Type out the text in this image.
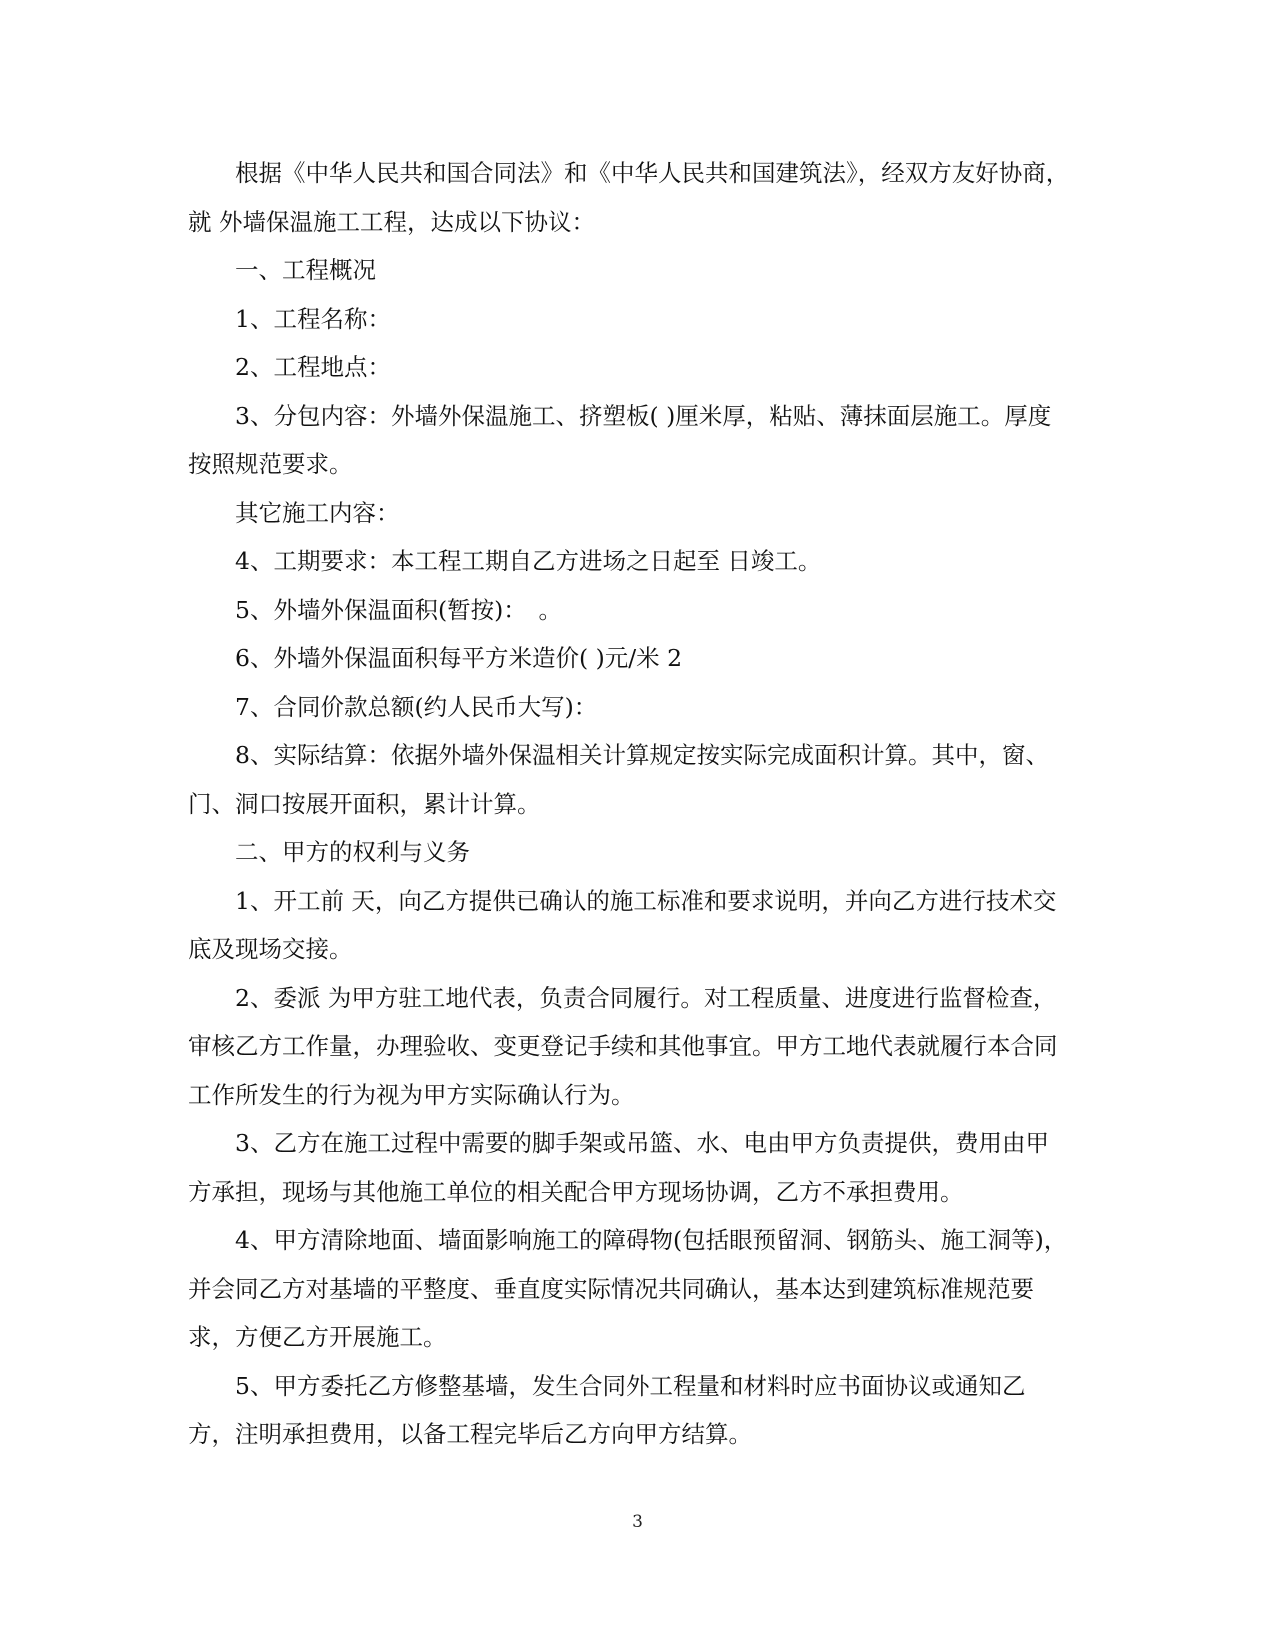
根据《中华人民共和国合同法》和《中华人民共和国建筑法》，经双方友好协商，就 外墙保温施工工程，达成以下协议：

一、工程概况

1、工程名称：

2、工程地点：

3、分包内容：外墙外保温施工、挤塑板( )厘米厚，粘贴、薄抹面层施工。厚度按照规范要求。

其它施工内容：

4、工期要求：本工程工期自乙方进场之日起至 日竣工。

5、外墙外保温面积(暂按)：　。

6、外墙外保温面积每平方米造价( )元/米 2

7、合同价款总额(约人民币大写)：

8、实际结算：依据外墙外保温相关计算规定按实际完成面积计算。其中，窗、门、洞口按展开面积，累计计算。

二、甲方的权利与义务

1、开工前 天，向乙方提供已确认的施工标准和要求说明，并向乙方进行技术交底及现场交接。

2、委派 为甲方驻工地代表，负责合同履行。对工程质量、进度进行监督检查，审核乙方工作量，办理验收、变更登记手续和其他事宜。甲方工地代表就履行本合同工作所发生的行为视为甲方实际确认行为。

3、乙方在施工过程中需要的脚手架或吊篮、水、电由甲方负责提供，费用由甲方承担，现场与其他施工单位的相关配合甲方现场协调，乙方不承担费用。

4、甲方清除地面、墙面影响施工的障碍物(包括眼预留洞、钢筋头、施工洞等)，并会同乙方对基墙的平整度、垂直度实际情况共同确认，基本达到建筑标准规范要求，方便乙方开展施工。

5、甲方委托乙方修整基墙，发生合同外工程量和材料时应书面协议或通知乙方，注明承担费用，以备工程完毕后乙方向甲方结算。

3
